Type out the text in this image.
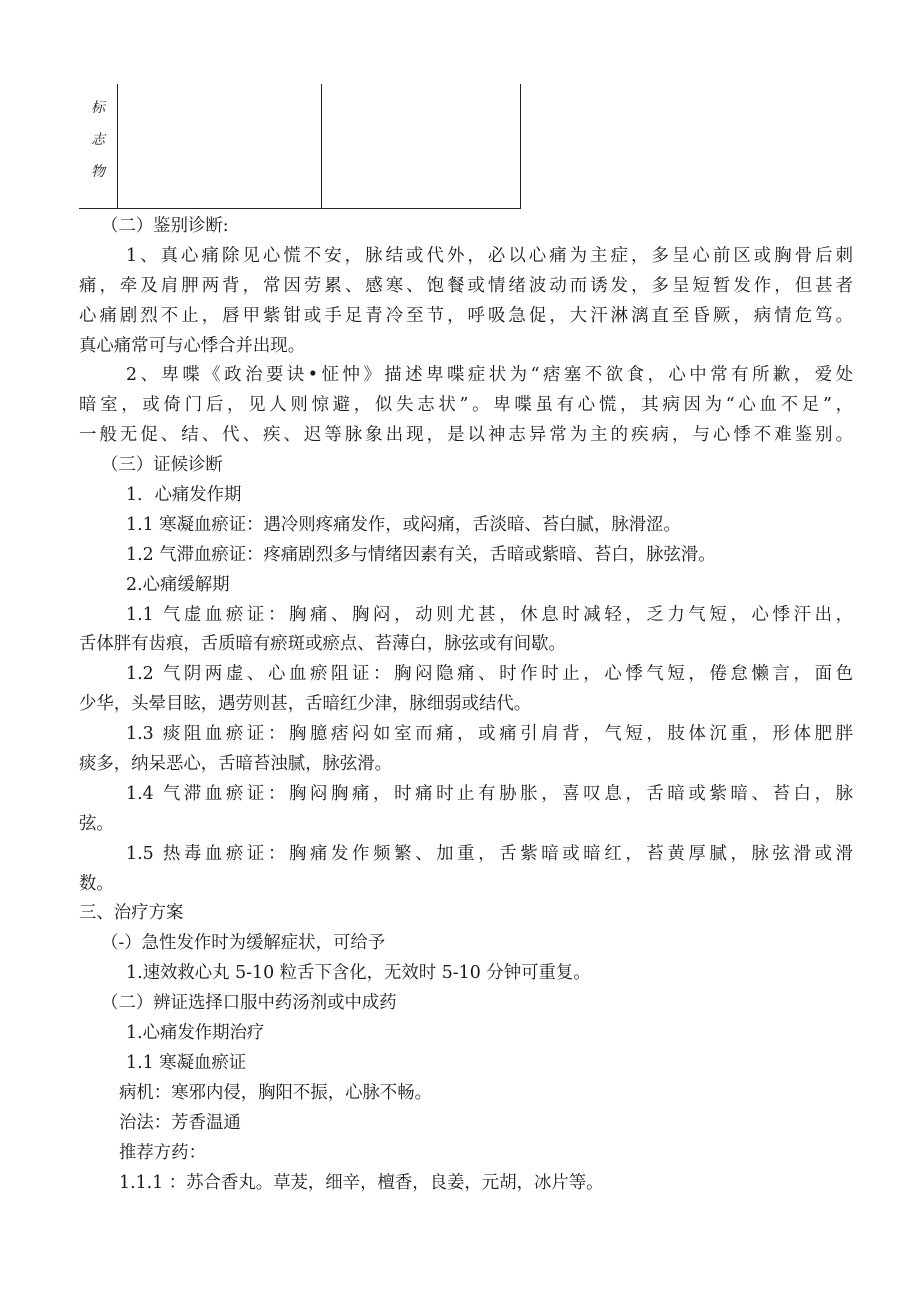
标
志
物
（二）鉴别诊断:
1、真心痛除见心慌不安，脉结或代外，必以心痛为主症，多呈心前区或胸骨后刺
痛，牵及肩胛两背，常因劳累、感寒、饱餐或情绪波动而诱发，多呈短暂发作，但甚者
心痛剧烈不止，唇甲紫钳或手足青冷至节，呼吸急促，大汗淋漓直至昏厥，病情危笃。
真心痛常可与心悸合并出现。
2、卑喋《政治要诀•怔忡》描述卑喋症状为“痞塞不欲食，心中常有所歉，爱处
暗室，或倚门后，见人则惊避，似失志状”。卑喋虽有心慌，其病因为“心血不足”，
一般无促、结、代、疾、迟等脉象出现，是以神志异常为主的疾病，与心悸不难鉴别。
（三）证候诊断
1．心痛发作期
1.1 寒凝血瘀证：遇冷则疼痛发作，或闷痛，舌淡暗、苔白腻，脉滑涩。
1.2 气滞血瘀证：疼痛剧烈多与情绪因素有关，舌暗或紫暗、苔白，脉弦滑。
2.心痛缓解期
1.1 气虚血瘀证：胸痛、胸闷，动则尤甚，休息时减轻，乏力气短，心悸汗出，
舌体胖有齿痕，舌质暗有瘀斑或瘀点、苔薄白，脉弦或有间歇。
1.2 气阴两虚、心血瘀阻证：胸闷隐痛、时作时止，心悸气短，倦怠懒言，面色
少华，头晕目眩，遇劳则甚，舌暗红少津，脉细弱或结代。
1.3 痰阻血瘀证：胸臆痞闷如室而痛，或痛引肩背，气短，肢体沉重，形体肥胖
痰多，纳呆恶心，舌暗苔浊腻，脉弦滑。
1.4 气滞血瘀证：胸闷胸痛，时痛时止有胁胀，喜叹息，舌暗或紫暗、苔白，脉
弦。
1.5 热毒血瘀证：胸痛发作频繁、加重，舌紫暗或暗红，苔黄厚腻，脉弦滑或滑
数。
三、治疗方案
（-）急性发作时为缓解症状，可给予
1.速效救心丸 5-10 粒舌下含化，无效时 5-10 分钟可重复。
（二）辨证选择口服中药汤剂或中成药
1.心痛发作期治疗
1.1 寒凝血瘀证
病机：寒邪内侵，胸阳不振，心脉不畅。
治法：芳香温通
推荐方药：
1.1.1 ：苏合香丸。草茇，细辛，檀香，良姜，元胡，冰片等。
